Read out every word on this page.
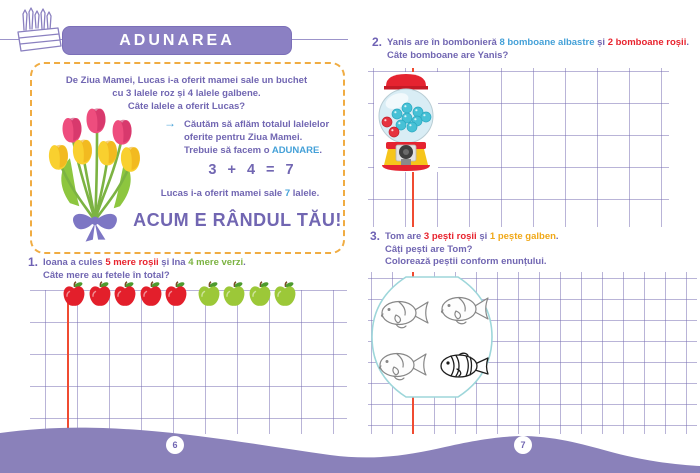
ADUNAREA
De Ziua Mamei, Lucas i-a oferit mamei sale un buchet
cu 3 lalele roz și 4 lalele galbene.
Câte lalele a oferit Lucas?
→ Căutăm să aflăm totalul lalelelor
oferite pentru Ziua Mamei.
Trebuie să facem o ADUNARE.
3 + 4 = 7
Lucas i-a oferit mamei sale 7 lalele.
ACUM E RÂNDUL TĂU!
1. Ioana a cules 5 mere roșii și Ina 4 mere verzi.
Câte mere au fetele în total?
2. Yanis are în bombonieră 8 bomboane albastre și 2 bomboane roșii.
Câte bomboane are Yanis?
3. Tom are 3 pești roșii și 1 pește galben.
Câți pești are Tom?
Colorează peștii conform enunțului.
6	7
